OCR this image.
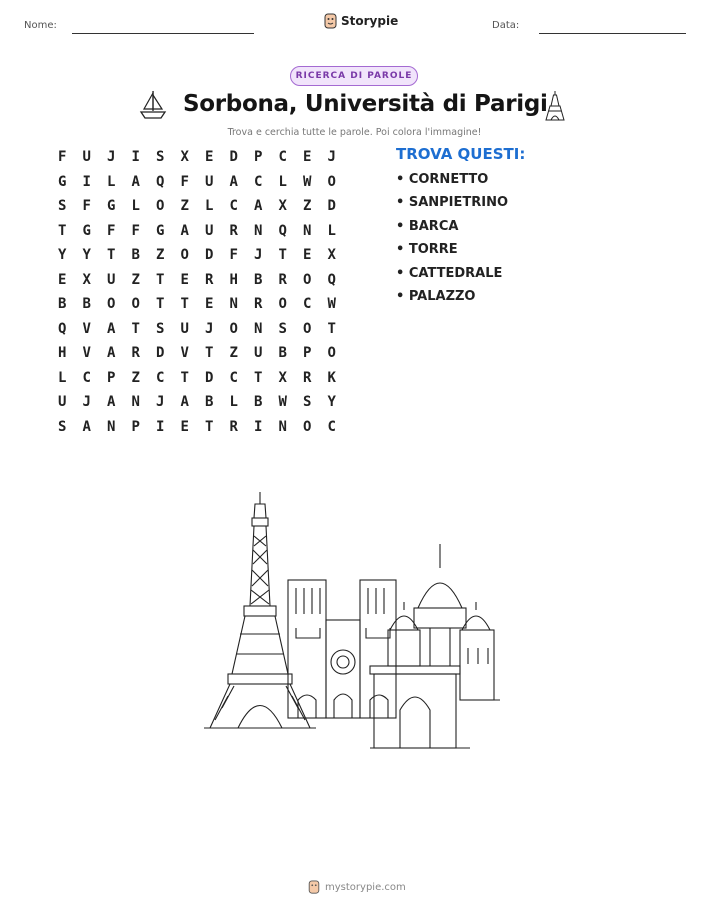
Nome:	Storypie	Data:
RICERCA DI PAROLE
Sorbona, Università di Parigi
Trova e cerchia tutte le parole. Poi colora l'immagine!
F	U	J	I	S	X	E	D	P	C	E	J
G	I	L	A	Q	F	U	A	C	L	W	O
S	F	G	L	O	Z	L	C	A	X	Z	D
T	G	F	F	G	A	U	R	N	Q	N	L
Y	Y	T	B	Z	O	D	F	J	T	E	X
E	X	U	Z	T	E	R	H	B	R	O	Q
B	B	O	O	T	T	E	N	R	O	C	W
Q	V	A	T	S	U	J	O	N	S	O	T
H	V	A	R	D	V	T	Z	U	B	P	O
L	C	P	Z	C	T	D	C	T	X	R	K
U	J	A	N	J	A	B	L	B	W	S	Y
S	A	N	P	I	E	T	R	I	N	O	C
TROVA QUESTI:
• CORNETTO
• SANPIETRINO
• BARCA
• TORRE
• CATTEDRALE
• PALAZZO
mystorypie.com
